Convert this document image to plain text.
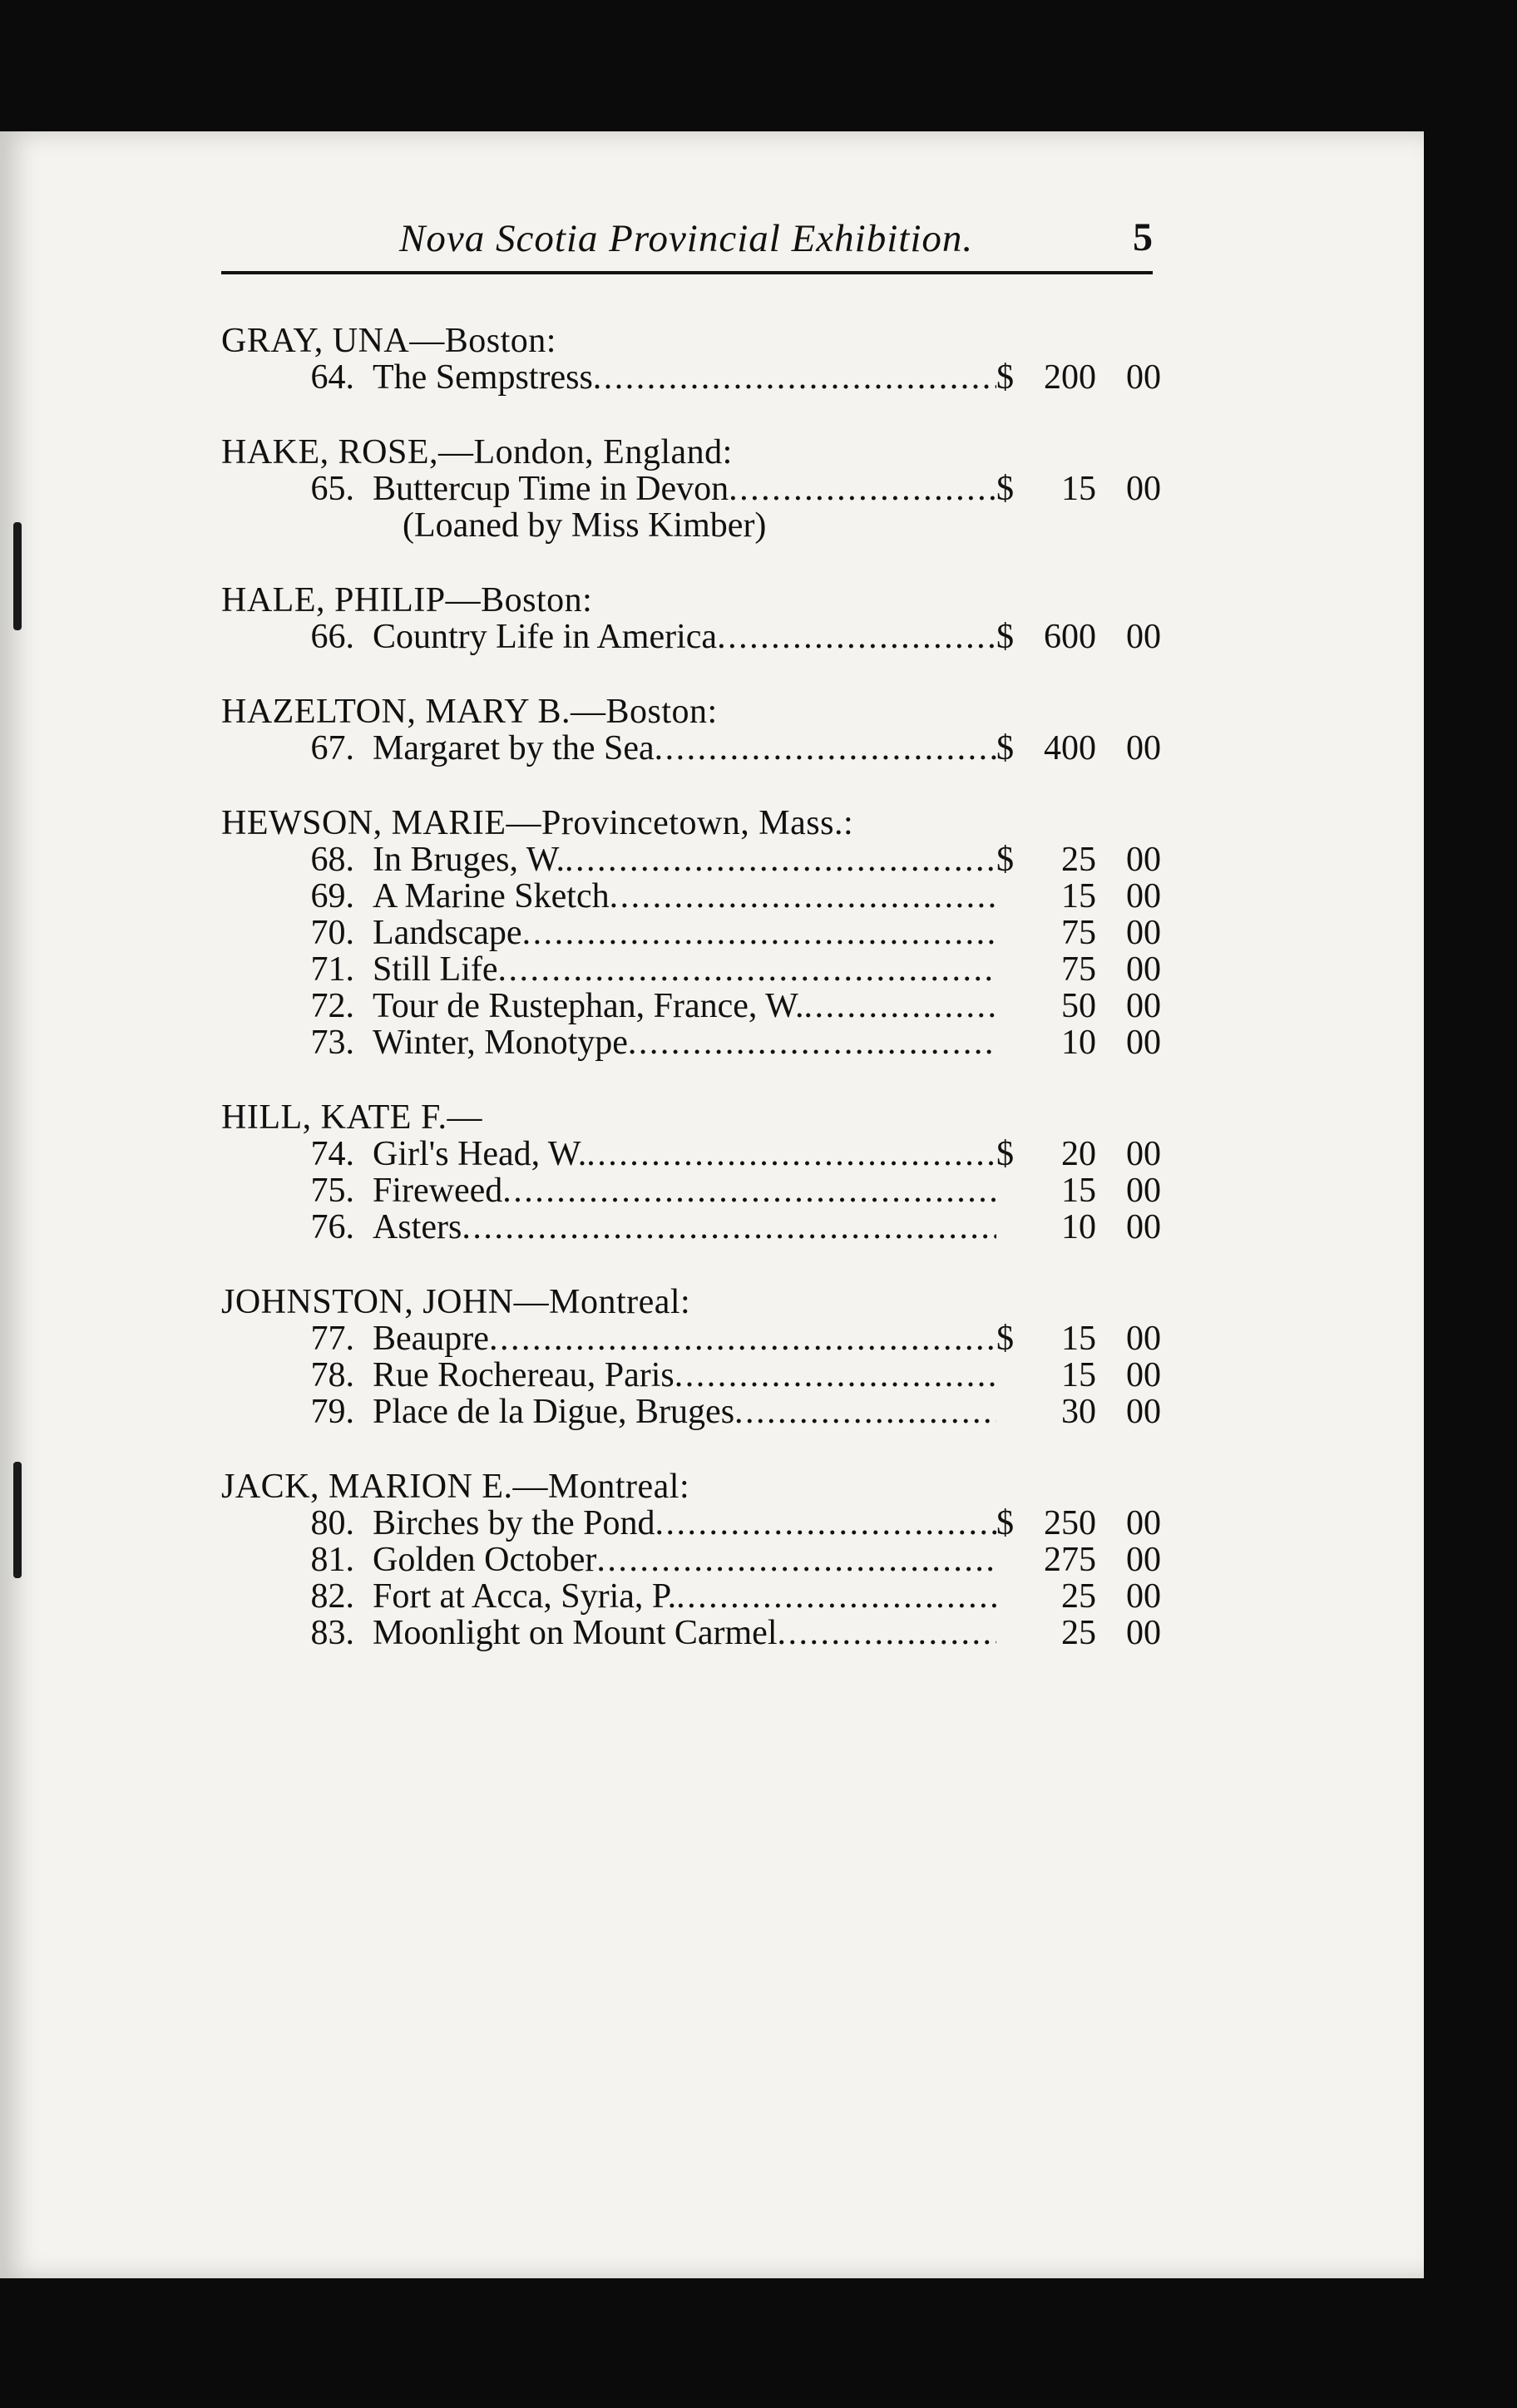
Nova Scotia Provincial Exhibition.	5
GRAY, UNA—Boston:
64. The Sempstress . . .	$ 200 00
HAKE, ROSE,—London, England:
65. Buttercup Time in Devon . . .	$	15 00
(Loaned by Miss Kimber)
HALE, PHILIP—Boston:
66. Country Life in America . . .	$ 600 00
HAZELTON, MARY B.—Boston:
67. Margaret by the Sea . . .	$ 400 00
HEWSON, MARIE—Provincetown, Mass.:
68. In Bruges, W. . . .	$	25 00
69. A Marine Sketch . . .	15 00
70. Landscape . . .	75 00
71. Still Life . . .	75 00
72. Tour de Rustephan, France, W. . . .	50 00
73. Winter, Monotype . . .	10 00
HILL, KATE F.—
74. Girl's Head, W. . . .	$	20 00
75. Fireweed . . .	15 00
76. Asters . . .	10 00
JOHNSTON, JOHN—Montreal:
77. Beaupre . . .	$	15 00
78. Rue Rochereau, Paris . . .	15 00
79. Place de la Digue, Bruges . . .	30 00
JACK, MARION E.—Montreal:
80. Birches by the Pond . . .	$ 250 00
81. Golden October . . .	275 00
82. Fort at Acca, Syria, P. . . .	25 00
83. Moonlight on Mount Carmel . . .	25 00
